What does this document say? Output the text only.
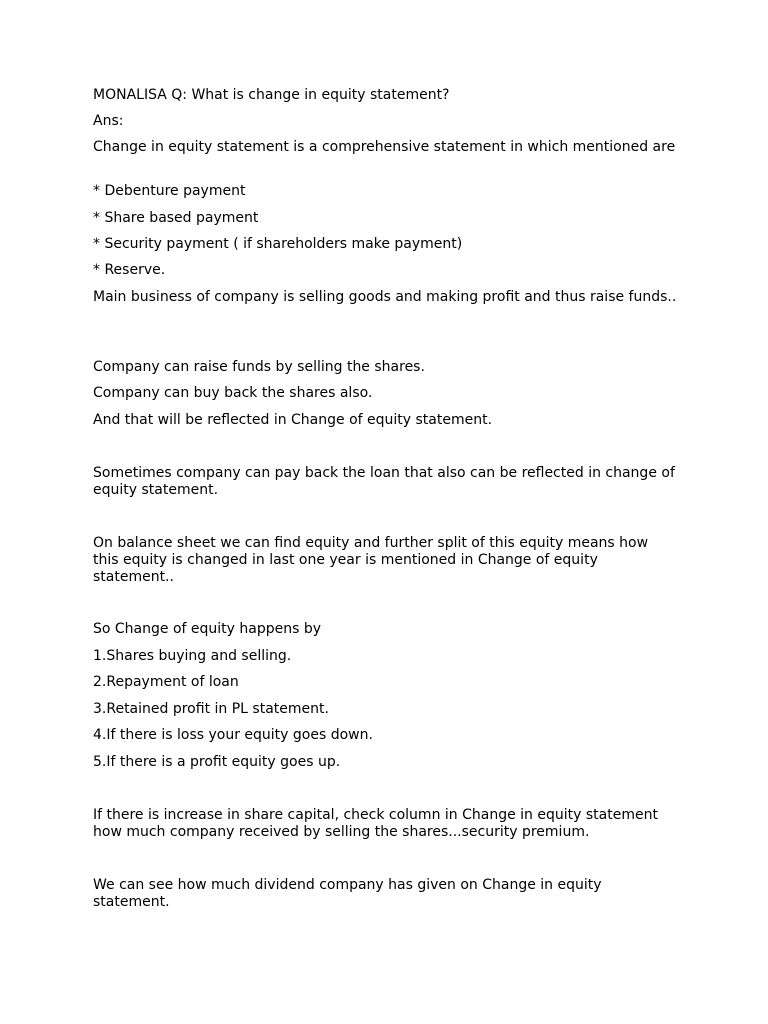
MONALISA Q: What is change in equity statement?

Ans:

Change in equity statement is a comprehensive statement in which mentioned are

* Debenture payment

* Share based payment

* Security payment ( if shareholders make payment)

* Reserve.

Main business of company is selling goods and making profit and thus raise funds..

Company can raise funds by selling the shares.

Company can buy back the shares also.

And that will be reflected in Change of equity statement.

Sometimes company can pay back the loan that also can be reflected in change of equity statement.

On balance sheet we can find equity and further split of this equity means how this equity is changed in last one year is mentioned in Change of equity statement..

So Change of equity happens by

1.Shares buying and selling.

2.Repayment of loan

3.Retained profit in PL statement.

4.If there is loss your equity goes down.

5.If there is a profit equity goes up.

If there is increase in share capital, check column in Change in equity statement how much company received by selling the shares...security premium.

We can see how much dividend company has given on Change in equity statement.
